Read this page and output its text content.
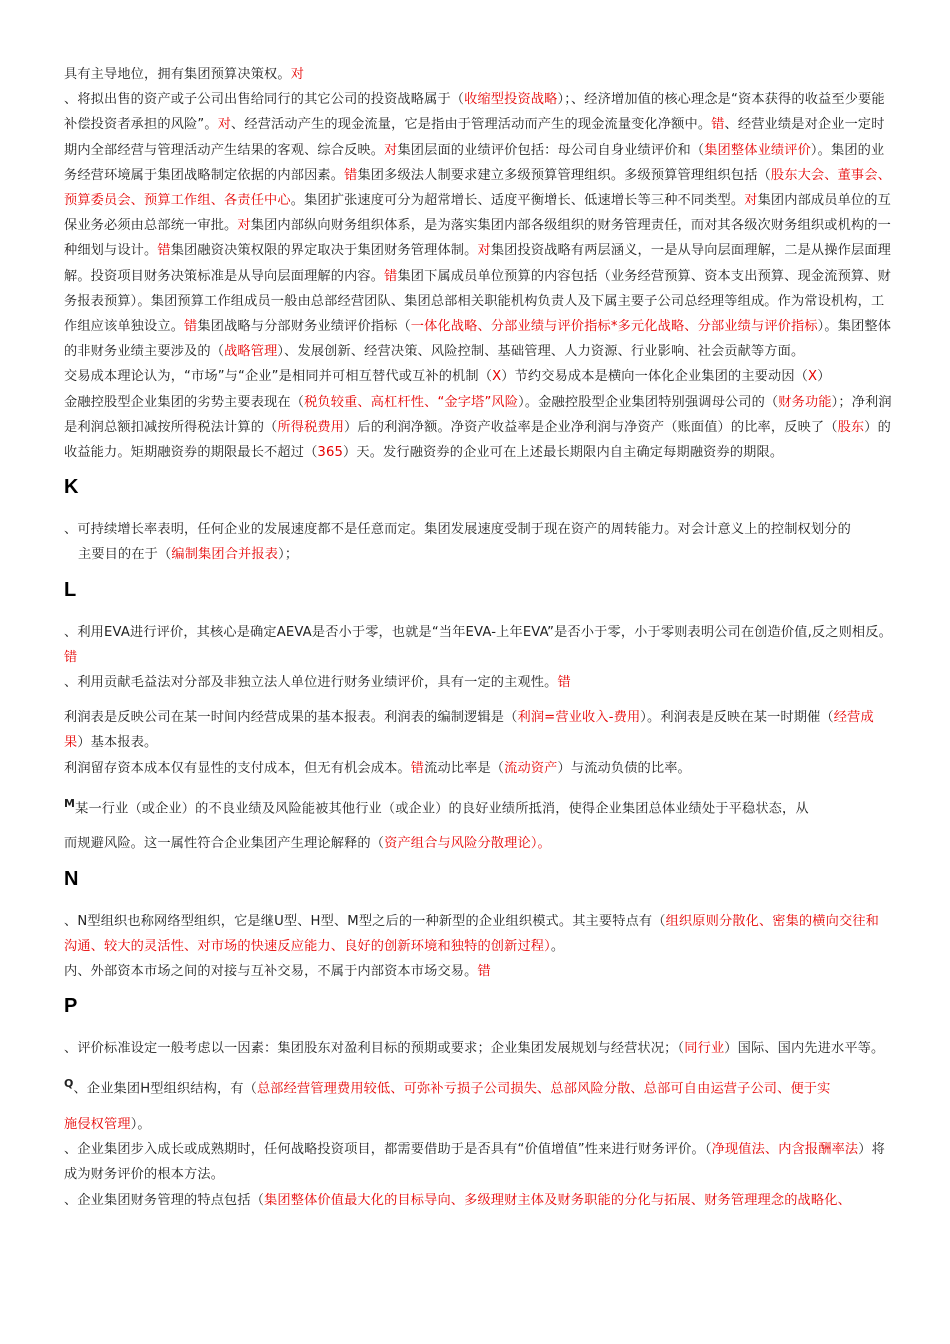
具有主导地位，拥有集团预算决策权。对

、将拟出售的资产或子公司出售给同行的其它公司的投资战略属于（收缩型投资战略）；、经济增加值的核心理念是“资本获得的收益至少要能补偿投资者承担的风险”。对、经营活动产生的现金流量，它是指由于管理活动而产生的现金流量变化净额中。错、经营业绩是对企业一定时期内全部经营与管理活动产生结果的客观、综合反映。对集团层面的业绩评价包括：母公司自身业绩评价和（集团整体业绩评价）。集团的业务经营环境属于集团战略制定依据的内部因素。错集团多级法人制要求建立多级预算管理组织。多级预算管理组织包括（股东大会、董事会、预算委员会、预算工作组、各责任中心。集团扩张速度可分为超常增长、适度平衡增长、低速增长等三种不同类型。对集团内部成员单位的互保业务必须由总部统一审批。对集团内部纵向财务组织体系，是为落实集团内部各级组织的财务管理责任，而对其各级次财务组织或机构的一种细划与设计。错集团融资决策权限的界定取决于集团财务管理体制。对集团投资战略有两层涵义，一是从导向层面理解，二是从操作层面理解。投资项目财务决策标准是从导向层面理解的内容。错集团下属成员单位预算的内容包括（业务经营预算、资本支出预算、现金流预算、财务报表预算）。集团预算工作组成员一般由总部经营团队、集团总部相关职能机构负责人及下属主要子公司总经理等组成。作为常设机构，工作组应该单独设立。错集团战略与分部财务业绩评价指标（一体化战略、分部业绩与评价指标*多元化战略、分部业绩与评价指标）。集团整体的非财务业绩主要涉及的（战略管理）、发展创新、经营决策、风险控制、基础管理、人力资源、行业影响、社会贡献等方面。

交易成本理论认为，“市场”与“企业”是相同并可相互替代或互补的机制（X）节约交易成本是横向一体化企业集团的主要动因（X）

金融控股型企业集团的劣势主要表现在（税负较重、高杠杆性、“金字塔”风险）。金融控股型企业集团特别强调母公司的（财务功能）；净利润是利润总额扣减按所得税法计算的（所得税费用）后的利润净额。净资产收益率是企业净利润与净资产（账面值）的比率，反映了（股东）的收益能力。矩期融资券的期限最长不超过（365）天。发行融资券的企业可在上述最长期限内自主确定每期融资券的期限。

K

、可持续增长率表明，任何企业的发展速度都不是任意而定。集团发展速度受制于现在资产的周转能力。对会计意义上的控制权划分的

主要目的在于（编制集团合并报表）；

L

、利用EVA进行评价，其核心是确定AEVA是否小于零，也就是“当年EVA-上年EVA”是否小于零，小于零则表明公司在创造价值,反之则相反。错

、利用贡献毛益法对分部及非独立法人单位进行财务业绩评价，具有一定的主观性。错

利润表是反映公司在某一时间内经营成果的基本报表。利润表的编制逻辑是（利润=营业收入-费用）。利润表是反映在某一时期催（经营成果）基本报表。

利润留存资本成本仅有显性的支付成本，但无有机会成本。错流动比率是（流动资产）与流动负债的比率。

$^M$某一行业（或企业）的不良业绩及风险能被其他行业（或企业）的良好业绩所抵消，使得企业集团总体业绩处于平稳状态，从

而规避风险。这一属性符合企业集团产生理论解释的（资产组合与风险分散理论）。

N

、N型组织也称网络型组织，它是继U型、H型、M型之后的一种新型的企业组织模式。其主要特点有（组织原则分散化、密集的横向交往和沟通、较大的灵活性、对市场的快速反应能力、良好的创新环境和独特的创新过程）。

内、外部资本市场之间的对接与互补交易，不属于内部资本市场交易。错

P

、评价标准设定一般考虑以一因素：集团股东对盈利目标的预期或要求；企业集团发展规划与经营状况；（同行业）国际、国内先进水平等。

$^Q$、企业集团H型组织结构，有（总部经营管理费用较低、可弥补亏损子公司损失、总部风险分散、总部可自由运营子公司、便于实

施侵权管理）。

、企业集团步入成长或成熟期时，任何战略投资项目，都需要借助于是否具有“价值增值”性来进行财务评价。（净现值法、内含报酬率法）将成为财务评价的根本方法。

、企业集团财务管理的特点包括（集团整体价值最大化的目标导向、多级理财主体及财务职能的分化与拓展、财务管理理念的战略化、
